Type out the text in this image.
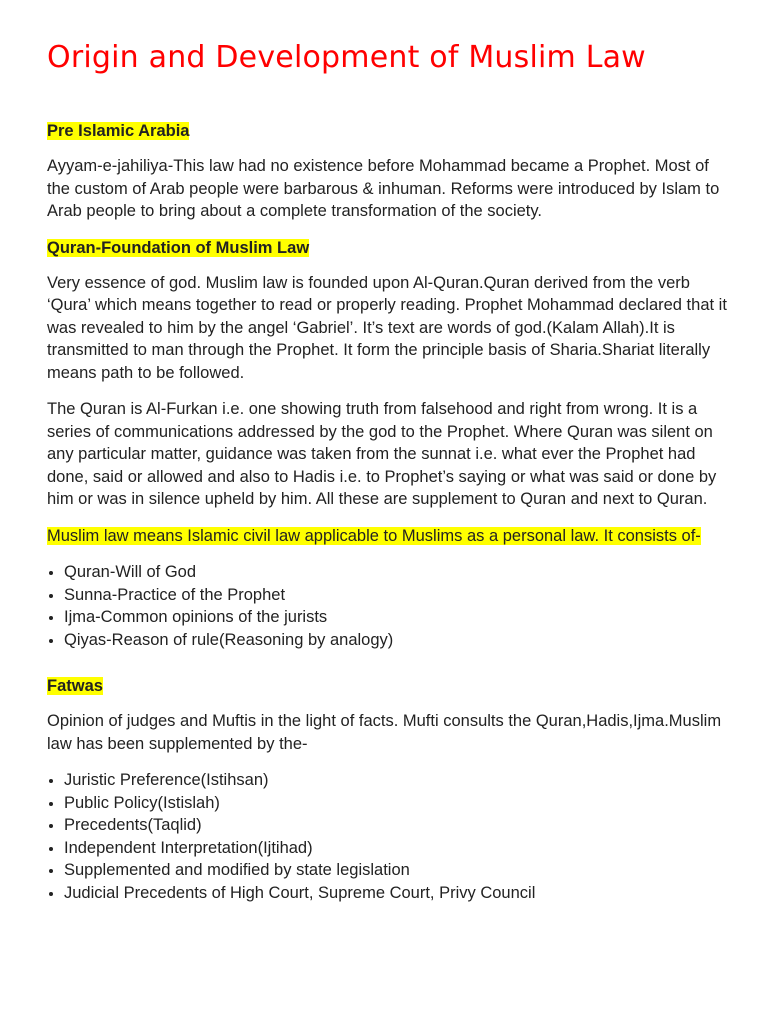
Origin and Development of Muslim Law
Pre Islamic Arabia

Ayyam-e-jahiliya-This law had no existence before Mohammad became a Prophet. Most of the custom of Arab people were barbarous & inhuman. Reforms were introduced by Islam to Arab people to bring about a complete transformation of the society.

Quran-Foundation of Muslim Law

Very essence of god. Muslim law is founded upon Al-Quran.Quran derived from the verb ‘Qura’ which means together to read or properly reading. Prophet Mohammad declared that it was revealed to him by the angel ‘Gabriel’. It’s text are words of god.(Kalam Allah).It is transmitted to man through the Prophet. It form the principle basis of Sharia.Shariat literally means path to be followed.

The Quran is Al-Furkan i.e. one showing truth from falsehood and right from wrong. It is a series of communications addressed by the god to the Prophet. Where Quran was silent on any particular matter, guidance was taken from the sunnat i.e. what ever the Prophet had done, said or allowed and also to Hadis i.e. to Prophet’s saying or what was said or done by him or was in silence upheld by him. All these are supplement to Quran and next to Quran.

Muslim law means Islamic civil law applicable to Muslims as a personal law. It consists of-

• Quran-Will of God
• Sunna-Practice of the Prophet
• Ijma-Common opinions of the jurists
• Qiyas-Reason of rule(Reasoning by analogy)
Fatwas

Opinion of judges and Muftis in the light of facts. Mufti consults the Quran,Hadis,Ijma.Muslim law has been supplemented by the-

• Juristic Preference(Istihsan)
• Public Policy(Istislah)
• Precedents(Taqlid)
• Independent Interpretation(Ijtihad)
• Supplemented and modified by state legislation
• Judicial Precedents of High Court, Supreme Court, Privy Council
